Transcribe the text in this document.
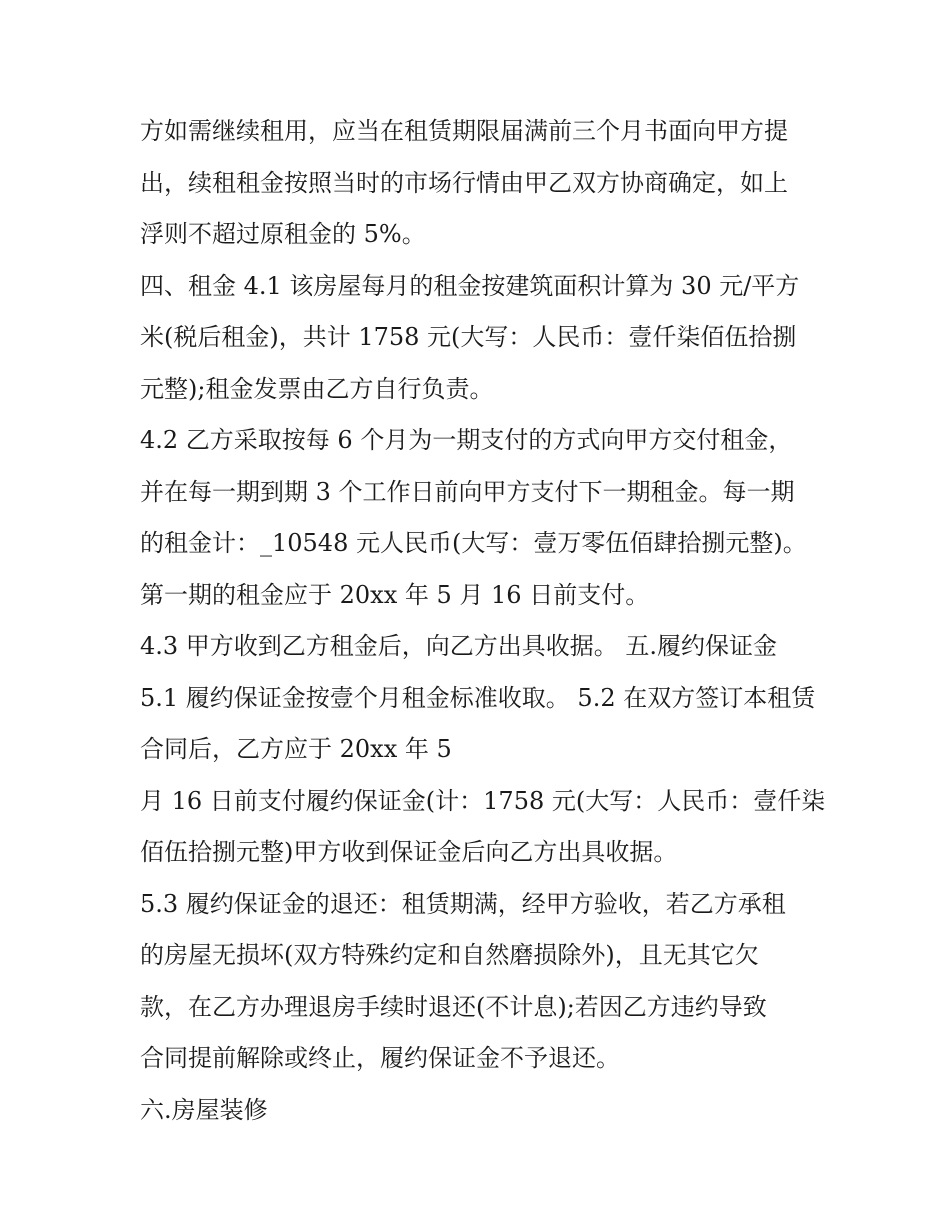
方如需继续租用，应当在租赁期限届满前三个月书面向甲方提
出，续租租金按照当时的市场行情由甲乙双方协商确定，如上
浮则不超过原租金的 5%。
四、租金 4.1 该房屋每月的租金按建筑面积计算为 30 元/平方
米(税后租金)，共计 1758 元(大写：人民币：壹仟柒佰伍拾捌
元整);租金发票由乙方自行负责。
4.2 乙方采取按每 6 个月为一期支付的方式向甲方交付租金，
并在每一期到期 3 个工作日前向甲方支付下一期租金。每一期
的租金计：_10548 元人民币(大写：壹万零伍佰肆拾捌元整)。
第一期的租金应于 20xx 年 5 月 16 日前支付。
4.3 甲方收到乙方租金后，向乙方出具收据。 五.履约保证金
5.1 履约保证金按壹个月租金标准收取。 5.2 在双方签订本租赁
合同后，乙方应于 20xx 年 5
月 16 日前支付履约保证金(计：1758 元(大写：人民币：壹仟柒
佰伍拾捌元整)甲方收到保证金后向乙方出具收据。
5.3 履约保证金的退还：租赁期满，经甲方验收，若乙方承租
的房屋无损坏(双方特殊约定和自然磨损除外)，且无其它欠
款，在乙方办理退房手续时退还(不计息);若因乙方违约导致
合同提前解除或终止，履约保证金不予退还。
六.房屋装修
